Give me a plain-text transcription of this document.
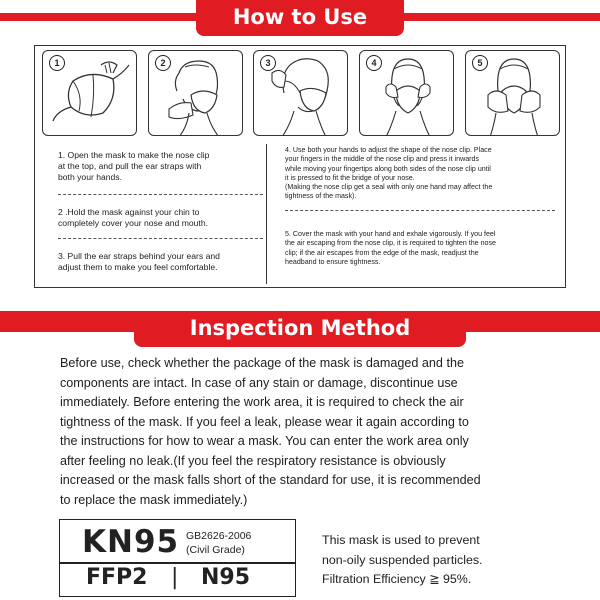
How to Use
1	2	3	4	5
1. Open the mask to make the nose clip
at the top, and pull the ear straps with
both your hands.
2 .Hold the mask against your chin to
completely cover your nose and mouth.
3. Pull the ear straps behind your ears and
adjust them to make you feel comfortable.
4. Use both your hands to adjust the shape of the nose clip. Place
your fingers in the middle of the nose clip and press it inwards
while moving your fingertips along both sides of the nose clip until
it is pressed to fit the bridge of your nose.
(Making the nose clip get a seal with only one hand may affect the
tightness of the mask).
5. Cover the mask with your hand and exhale vigorously. If you feel
the air escaping from the nose clip, it is required to tighten the nose
clip; if the air escapes from the edge of the mask, readjust the
headband to ensure tightness.
Inspection Method
Before use, check whether the package of the mask is damaged and the
components are intact. In case of any stain or damage, discontinue use
immediately. Before entering the work area, it is required to check the air
tightness of the mask. If you feel a leak, please wear it again according to
the instructions for how to wear a mask. You can enter the work area only
after feeling no leak.(If you feel the respiratory resistance is obviously
increased or the mask falls short of the standard for use, it is recommended
to replace the mask immediately.)
KN95 GB2626-2006
(Civil Grade)
FFP2 | N95
This mask is used to prevent
non-oily suspended particles.
Filtration Efficiency ≧ 95%.
